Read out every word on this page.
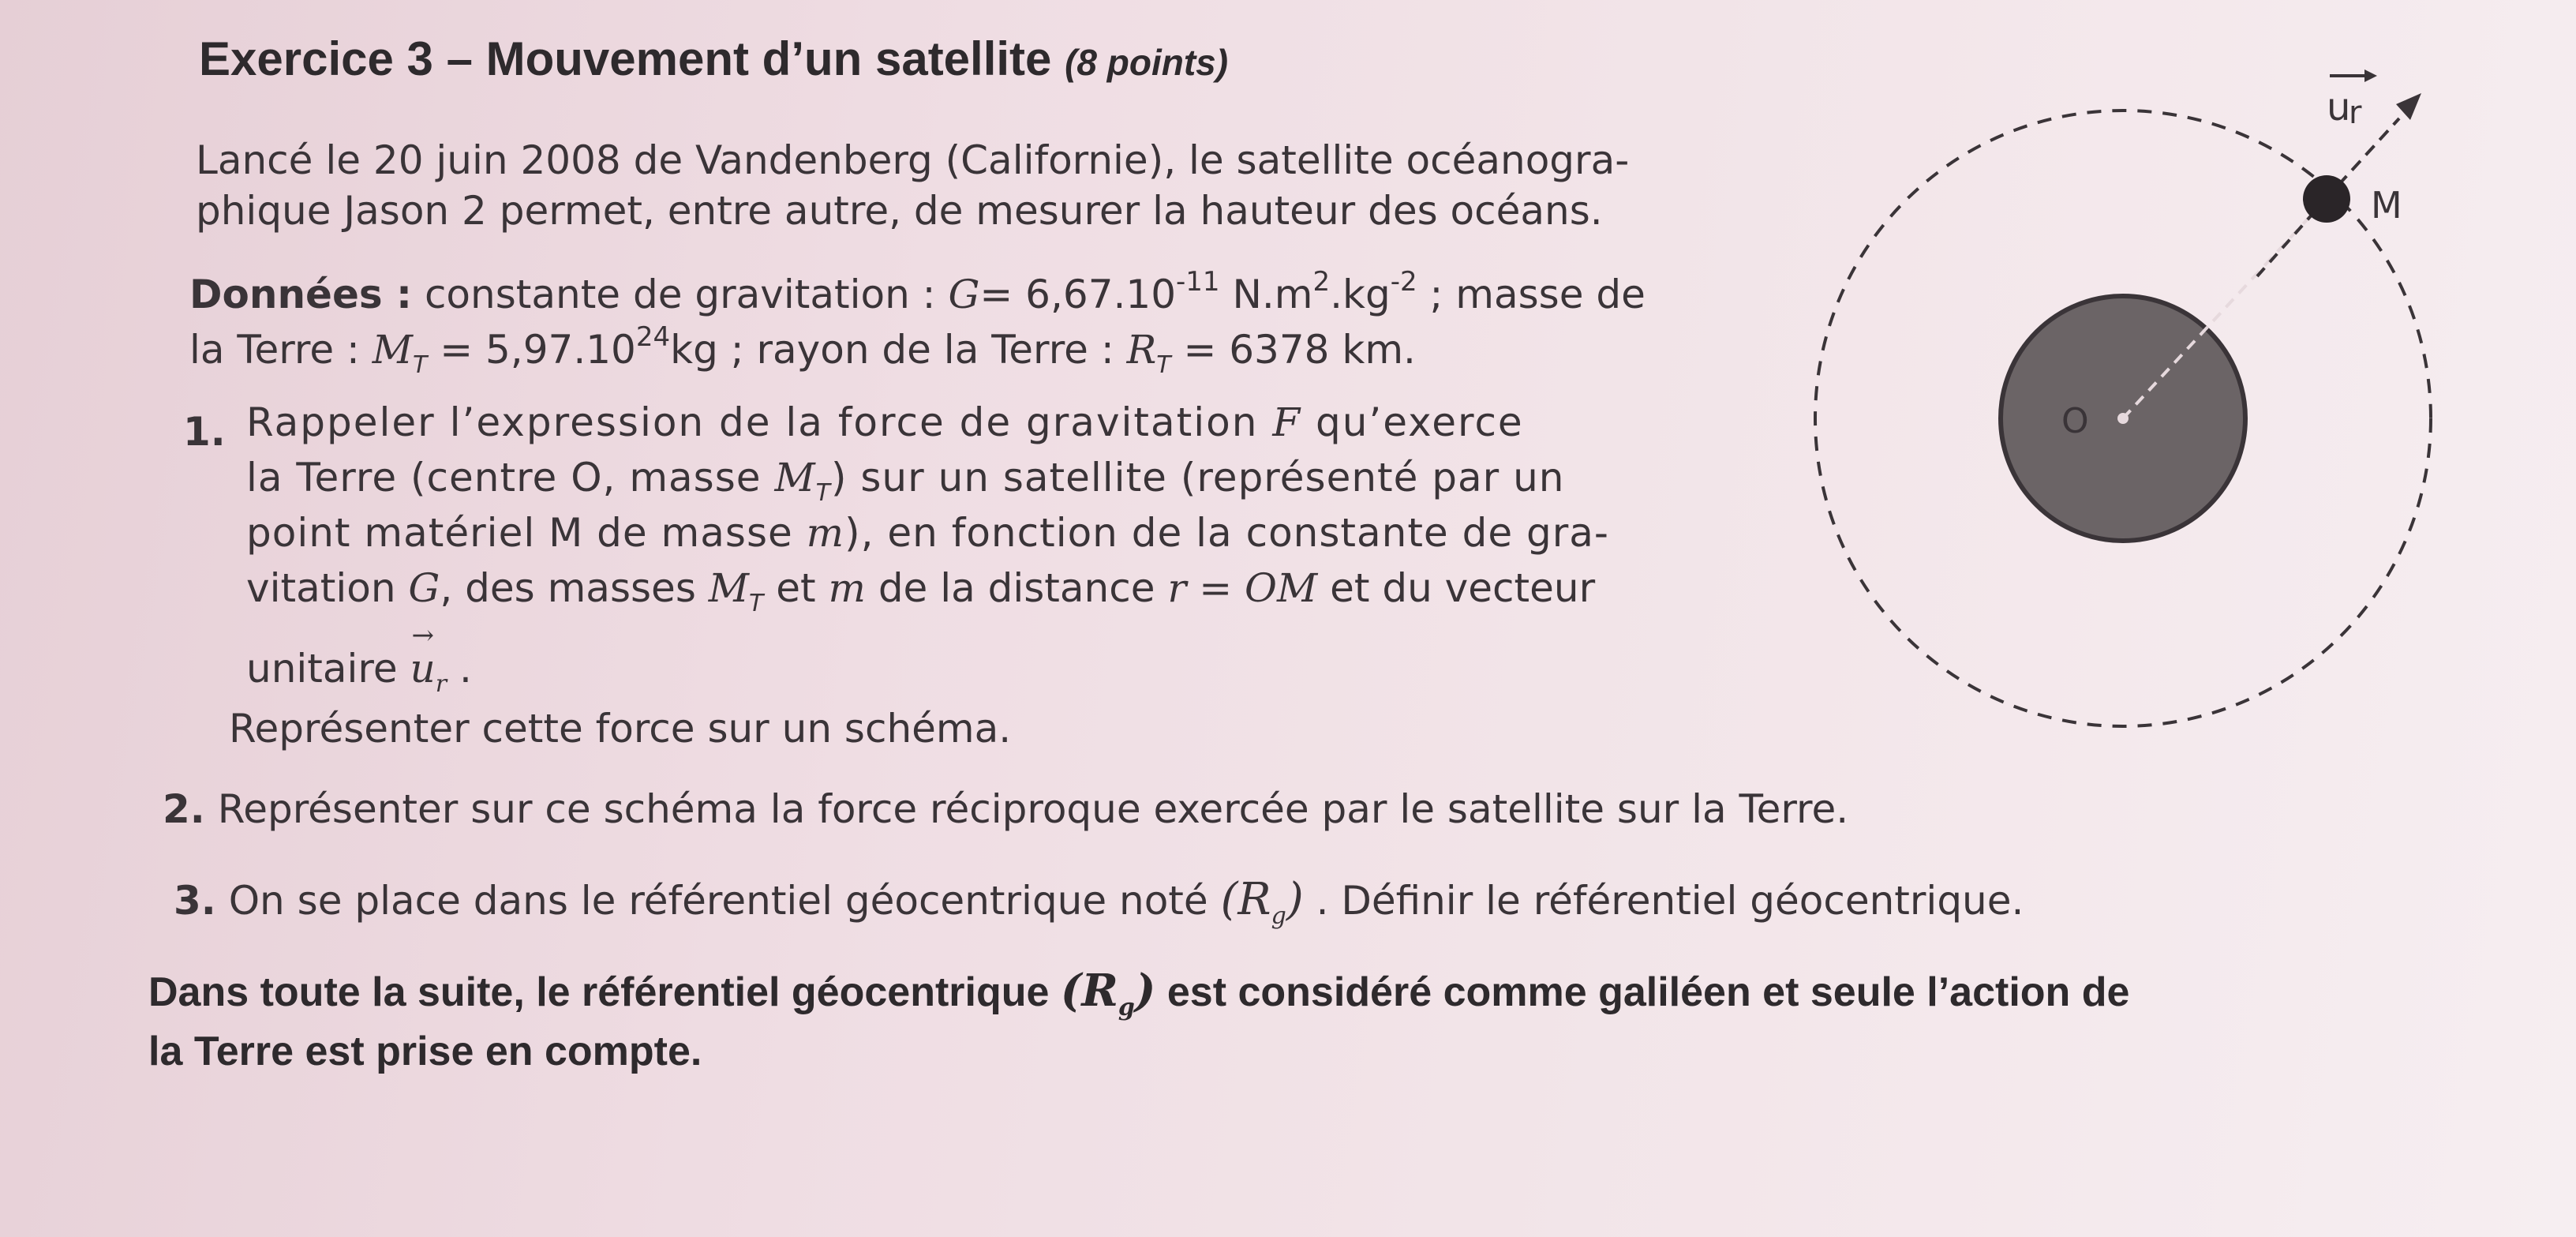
Exercice 3 – Mouvement d’un satellite (8 points)
Lancé le 20 juin 2008 de Vandenberg (Californie), le satellite océanogra-
phique Jason 2 permet, entre autre, de mesurer la hauteur des océans.
Données : constante de gravitation : $G= 6,67.10^{-11}$ $N.m^2.kg^{-2}$ ; masse de
la Terre : $M_T = 5,97.10^{24}kg$ ; rayon de la Terre : $R_T = 6378$ km.
1. Rappeler l’expression de la force de gravitation F qu’exerce
la Terre (centre O, masse $M_T$) sur un satellite (représenté par un
point matériel M de masse m), en fonction de la constante de gra-
vitation G, des masses $M_T$ et m de la distance r = OM et du vecteur
unitaire
→
$u_r$ .
Représenter cette force sur un schéma.
2. Représenter sur ce schéma la force réciproque exercée par le satellite sur la Terre.
3. On se place dans le référentiel géocentrique noté $(R_g)$ . Définir le référentiel géocentrique.
Dans toute la suite, le référentiel géocentrique $(R_g)$ est considéré comme galiléen et seule l’action de
la Terre est prise en compte.
O
M
u
r
